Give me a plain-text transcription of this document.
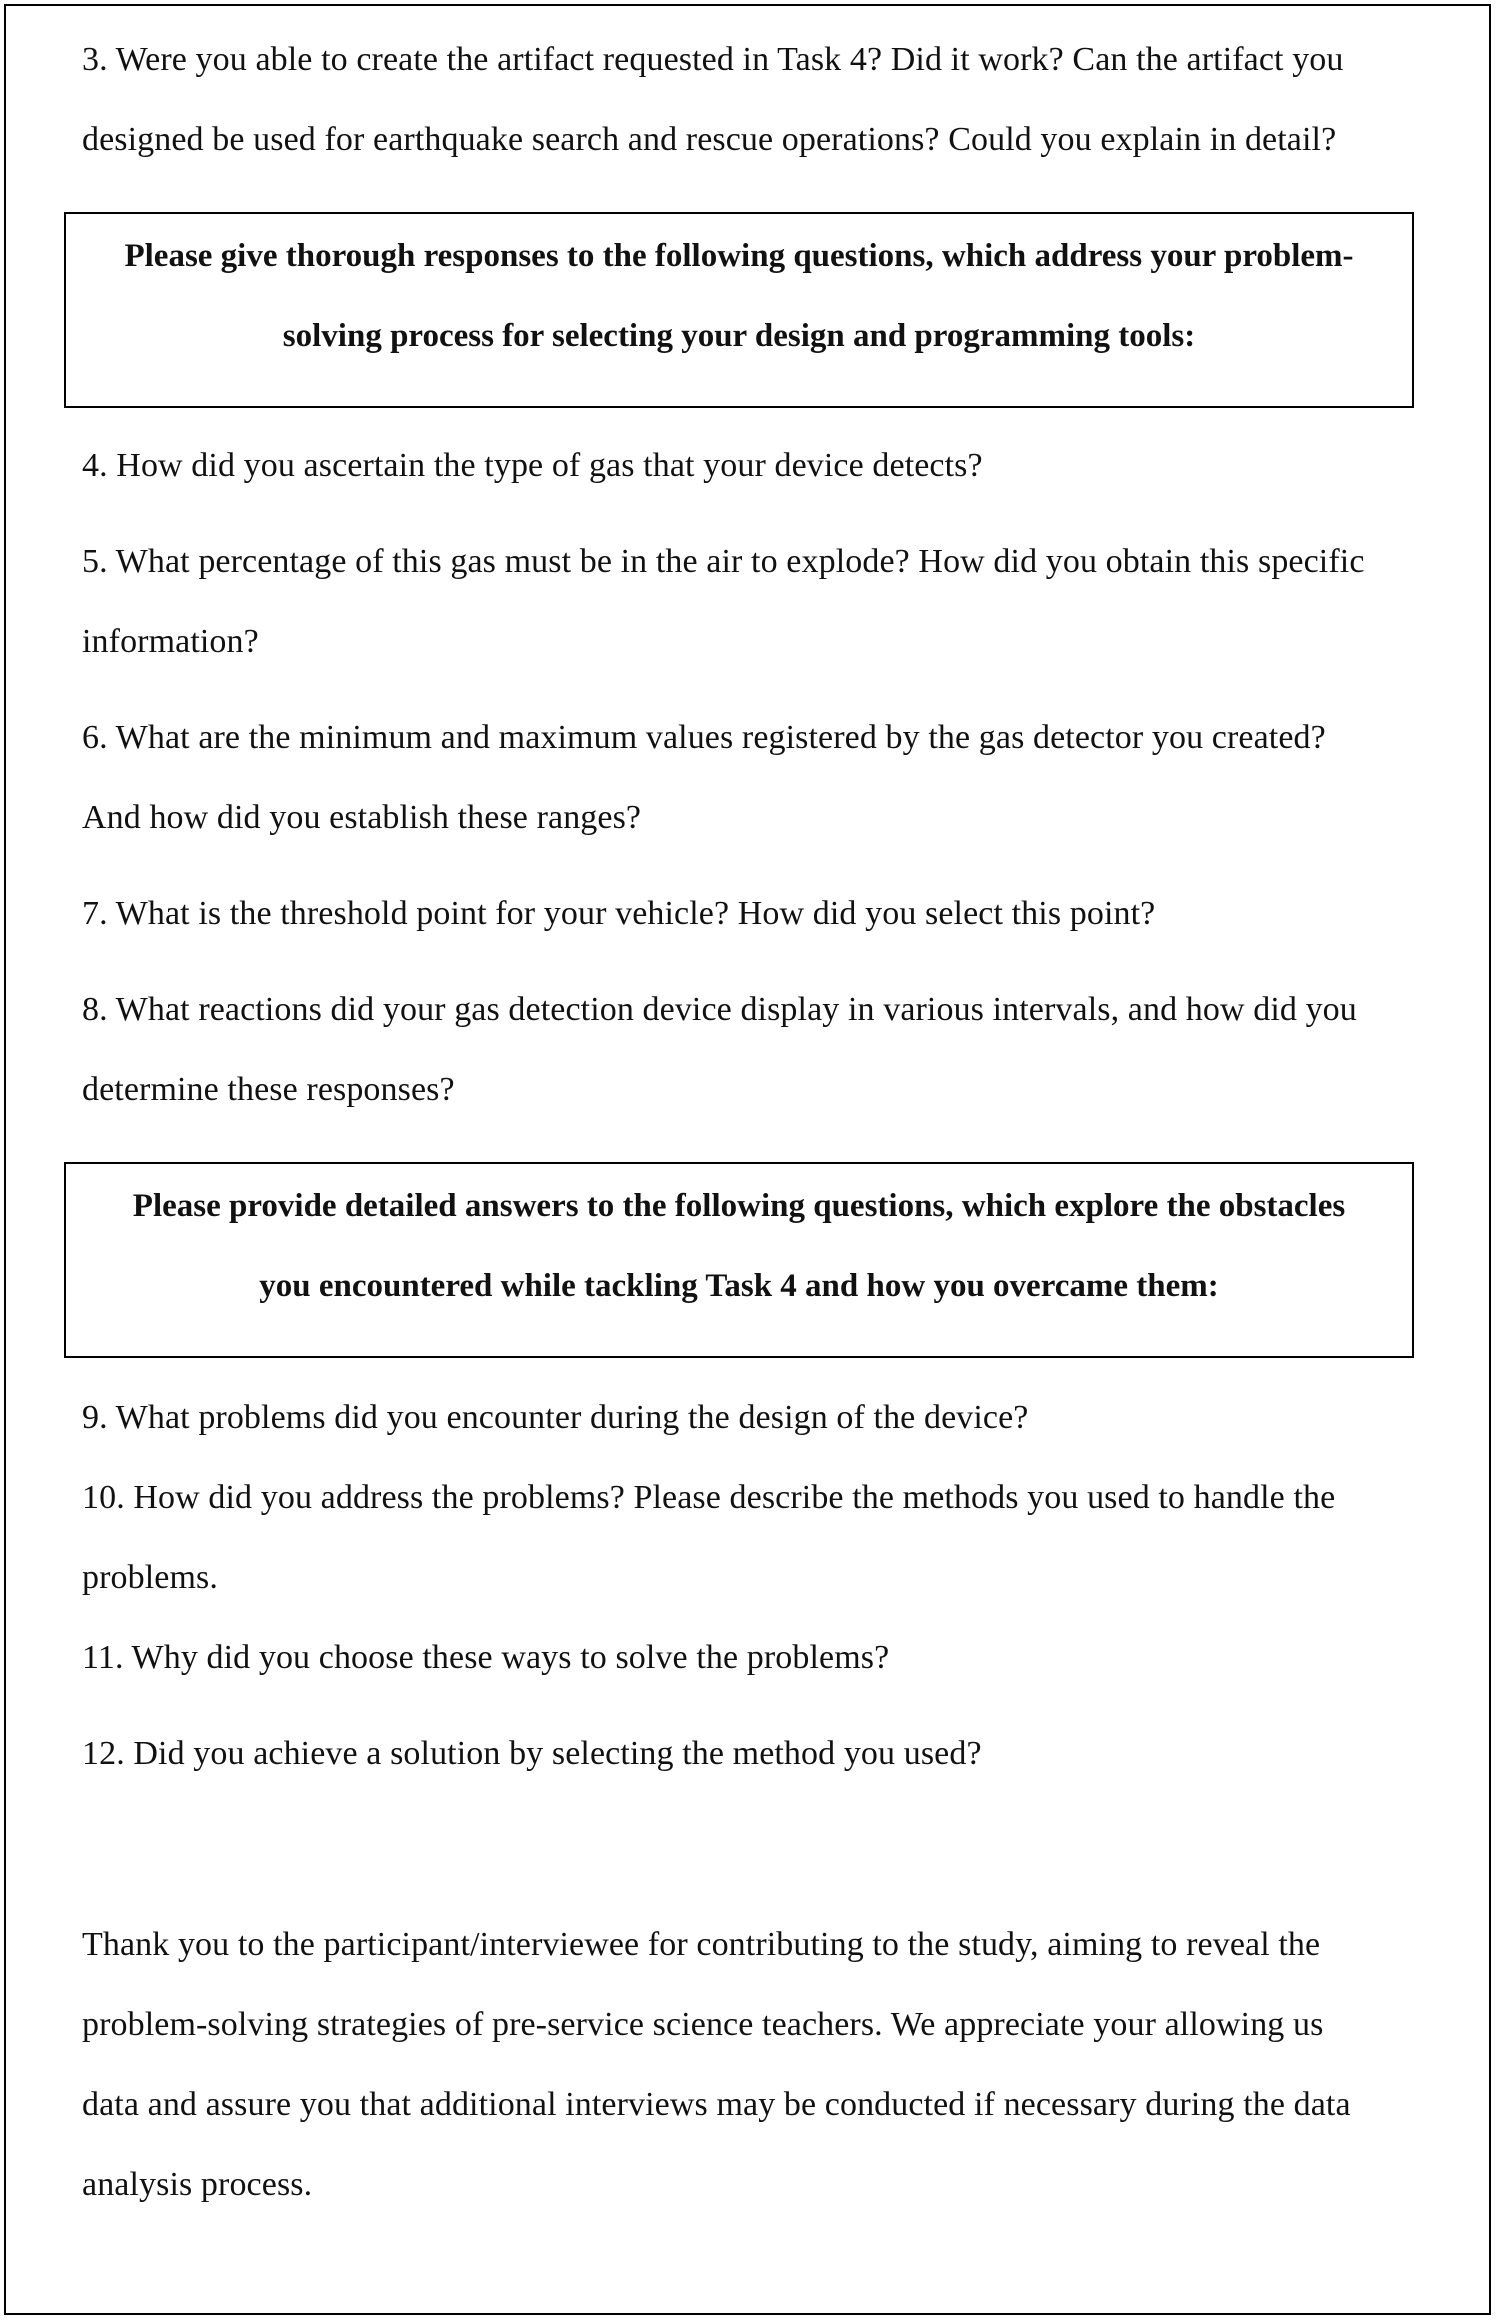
3. Were you able to create the artifact requested in Task 4? Did it work? Can the artifact you
designed be used for earthquake search and rescue operations? Could you explain in detail?
Please give thorough responses to the following questions, which address your problem-
solving process for selecting your design and programming tools:
4. How did you ascertain the type of gas that your device detects?
5. What percentage of this gas must be in the air to explode? How did you obtain this specific
information?
6. What are the minimum and maximum values registered by the gas detector you created?
And how did you establish these ranges?
7. What is the threshold point for your vehicle? How did you select this point?
8. What reactions did your gas detection device display in various intervals, and how did you
determine these responses?
Please provide detailed answers to the following questions, which explore the obstacles
you encountered while tackling Task 4 and how you overcame them:
9. What problems did you encounter during the design of the device?
10. How did you address the problems? Please describe the methods you used to handle the
problems.
11. Why did you choose these ways to solve the problems?
12. Did you achieve a solution by selecting the method you used?
Thank you to the participant/interviewee for contributing to the study, aiming to reveal the
problem-solving strategies of pre-service science teachers. We appreciate your allowing us
data and assure you that additional interviews may be conducted if necessary during the data
analysis process.
